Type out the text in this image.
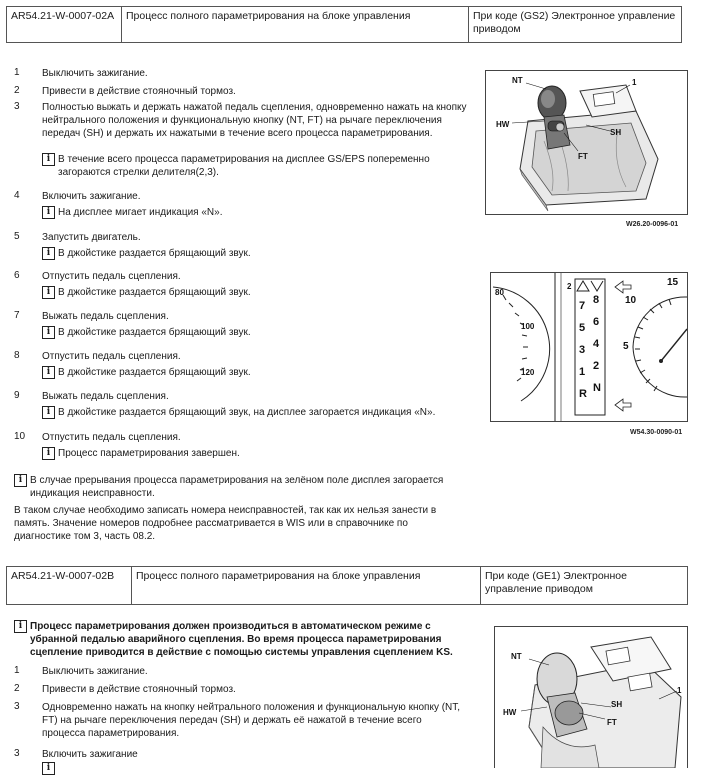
AR54.21-W-0007-02A	Процесс полного параметрирования на блоке управления	При коде (GS2) Электронное управление приводом
1	Выключить зажигание.
2	Привести в действие стояночный тормоз.
3	Полностью выжать и держать нажатой педаль сцепления, одновременно нажать на кнопку нейтрального положения и функциональную кнопку (NT, FT) на рычаге переключения передач (SH) и держать их нажатыми в течение всего процесса параметрирования.
i В течение всего процесса параметрирования на дисплее GS/EPS попеременно загораются стрелки делителя(2,3).
4	Включить зажигание.
i На дисплее мигает индикация «N».
5	Запустить двигатель.
i В джойстике раздается брящающий звук.
6	Отпустить педаль сцепления.
i В джойстике раздается брящающий звук.
7	Выжать педаль сцепления.
i В джойстике раздается брящающий звук.
8	Отпустить педаль сцепления.
i В джойстике раздается брящающий звук.
9	Выжать педаль сцепления.
i В джойстике раздается брящающий звук, на дисплее загорается индикация «N».
10	Отпустить педаль сцепления.
i Процесс параметрирования завершен.
i В случае прерывания процесса параметрирования на зелёном поле дисплея загорается индикация неисправности.
В таком случае необходимо записать номера неисправностей, так как их нельзя занести в память. Значение номеров подробнее рассматривается в WIS или в справочнике по диагностике том 3, часть 08.2.
NT
HW
FT
SH
1
W26.20-0096-01
80
100
120
2
7
5
3
1
R
8
6
4
2
N
15
10
5
W54.30-0090-01
AR54.21-W-0007-02B	Процесс полного параметрирования на блоке управления	При коде (GE1) Электронное управление приводом
i Процесс параметрирования должен производиться в автоматическом режиме с убранной педалью аварийного сцепления. Во время процесса параметрирования сцепление приводится в действие с помощью системы управления сцеплением KS.
1	Выключить зажигание.
2	Привести в действие стояночный тормоз.
3	Одновременно нажать на кнопку нейтрального положения и функциональную кнопку (NT, FT) на рычаге переключения передач (SH) и держать её нажатой в течение всего процесса параметрирования.
3	Включить зажигание
i
NT
HW
FT
SH
1
